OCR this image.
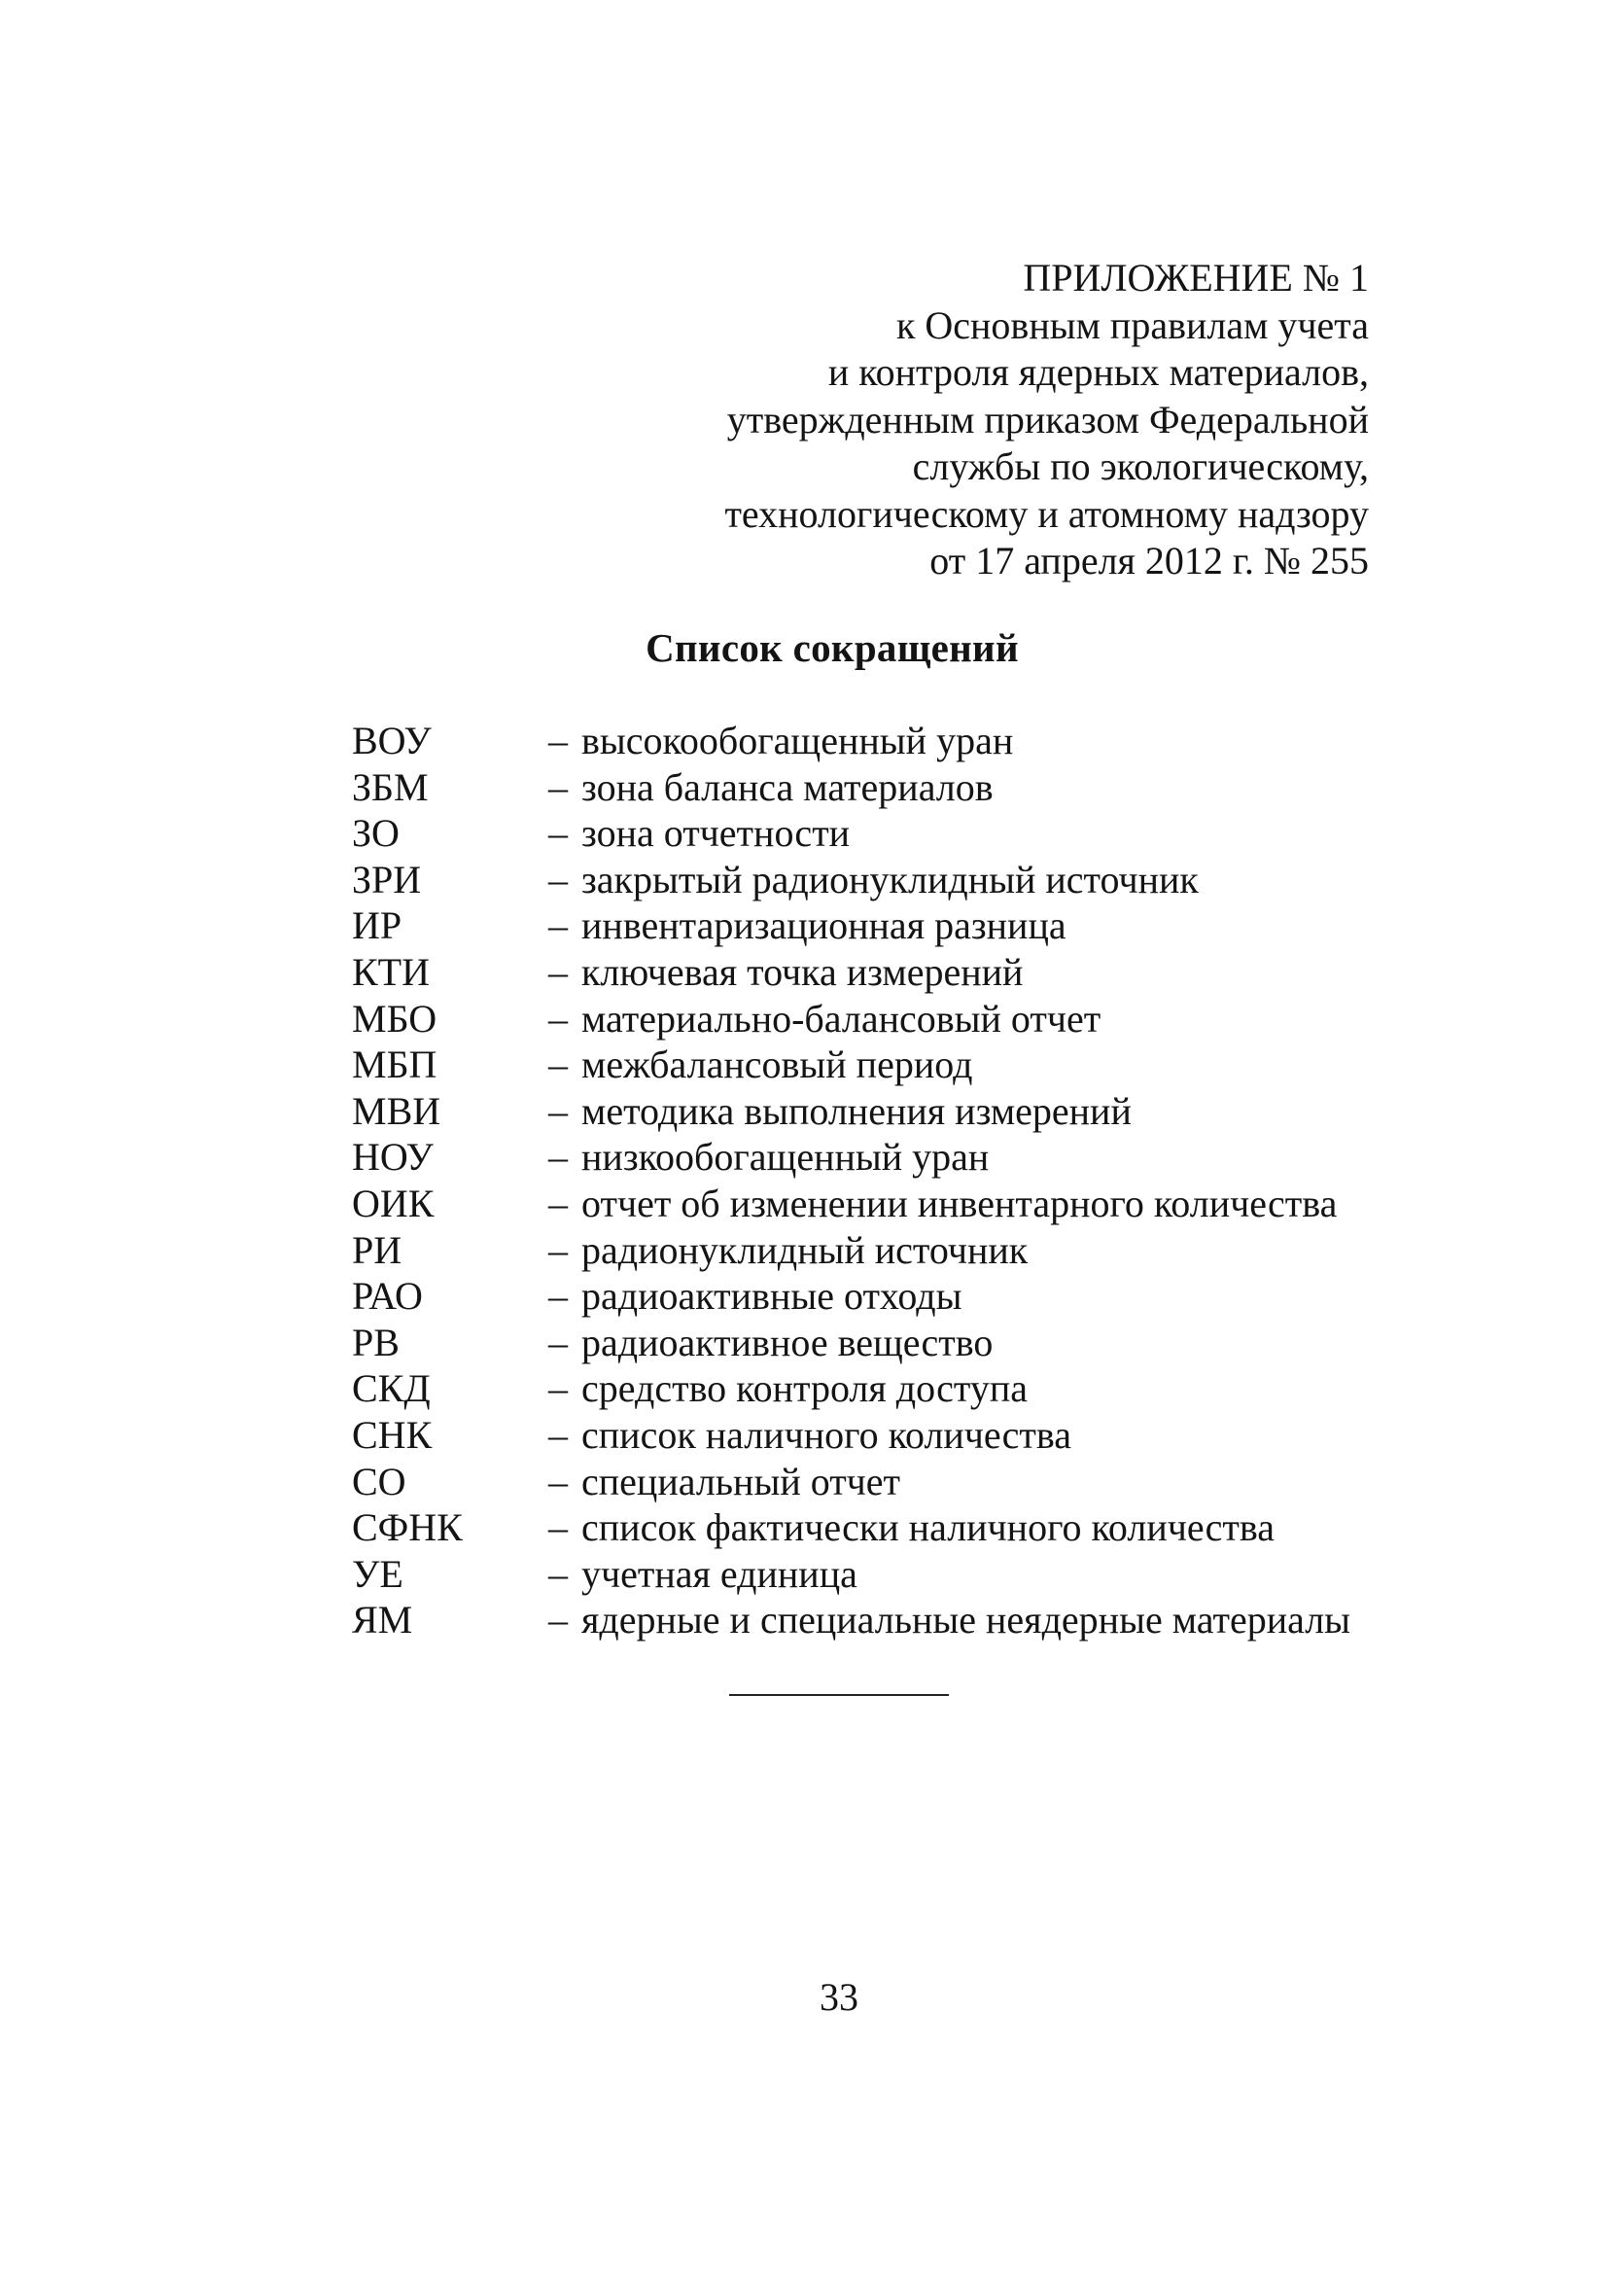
ПРИЛОЖЕНИЕ № 1
к Основным правилам учета
и контроля ядерных материалов,
утвержденным приказом Федеральной
службы по экологическому,
технологическому и атомному надзору
от 17 апреля 2012 г. № 255
Список сокращений
ВОУ	– высокообогащенный уран
ЗБМ	– зона баланса материалов
ЗО	– зона отчетности
ЗРИ	– закрытый радионуклидный источник
ИР	– инвентаризационная разница
КТИ	– ключевая точка измерений
МБО	– материально-балансовый отчет
МБП	– межбалансовый период
МВИ	– методика выполнения измерений
НОУ	– низкообогащенный уран
ОИК	– отчет об изменении инвентарного количества
РИ	– радионуклидный источник
РАО	– радиоактивные отходы
РВ	– радиоактивное вещество
СКД	– средство контроля доступа
СНК	– список наличного количества
СО	– специальный отчет
СФНК	– список фактически наличного количества
УЕ	– учетная единица
ЯМ	– ядерные и специальные неядерные материалы
33
